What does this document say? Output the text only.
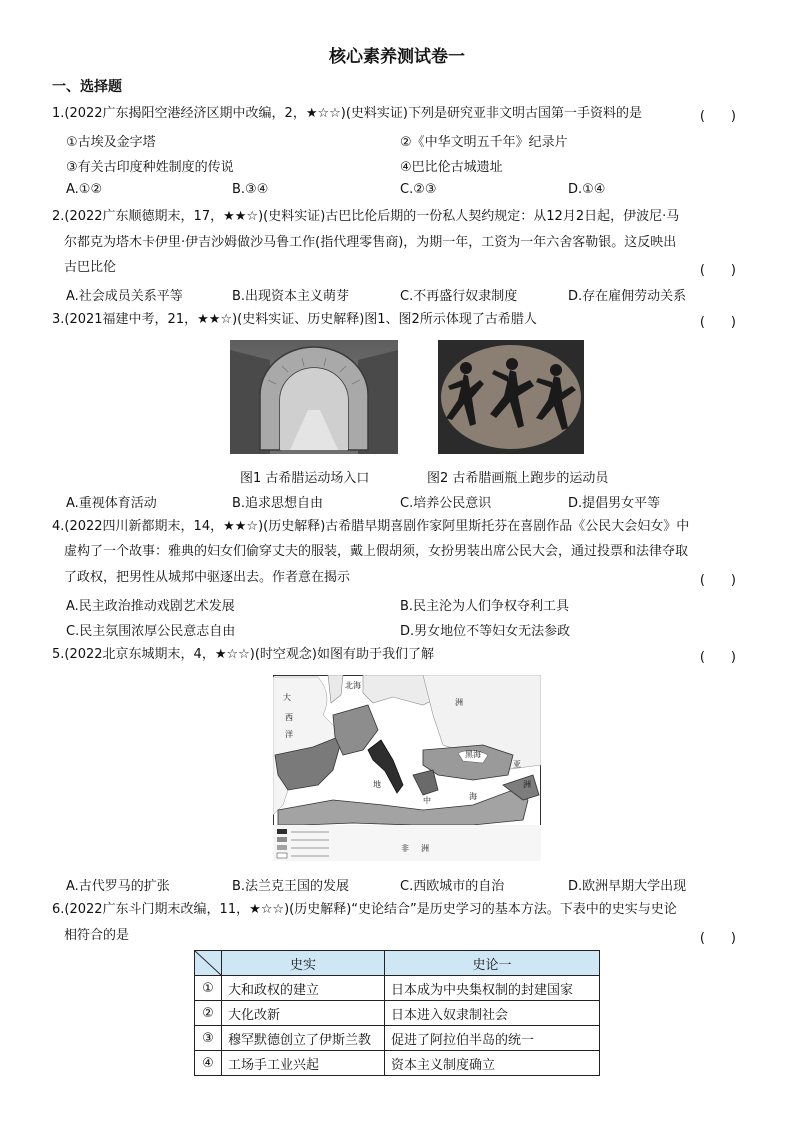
核心素养测试卷一
一、选择题
1.(2022广东揭阳空港经济区期中改编，2，★☆☆)(史料实证)下列是研究亚非文明古国第一手资料的是	(　　)
①古埃及金字塔	②《中华文明五千年》纪录片
③有关古印度种姓制度的传说	④巴比伦古城遗址
A.①②	B.③④	C.②③	D.①④
2.(2022广东顺德期末，17，★★☆)(史料实证)古巴比伦后期的一份私人契约规定：从12月2日起，伊波尼·马
尔都克为塔木卡伊里·伊吉沙姆做沙马鲁工作(指代理零售商)，为期一年，工资为一年六舍客勒银。这反映出
古巴比伦	(　　)
A.社会成员关系平等	B.出现资本主义萌芽	C.不再盛行奴隶制度	D.存在雇佣劳动关系
3.(2021福建中考，21，★★☆)(史料实证、历史解释)图1、图2所示体现了古希腊人	(　　)
图1 古希腊运动场入口	图2 古希腊画瓶上跑步的运动员
A.重视体育活动	B.追求思想自由	C.培养公民意识	D.提倡男女平等
4.(2022四川新都期末，14，★★☆)(历史解释)古希腊早期喜剧作家阿里斯托芬在喜剧作品《公民大会妇女》中
虚构了一个故事：雅典的妇女们偷穿丈夫的服装，戴上假胡须，女扮男装出席公民大会，通过投票和法律夺取
了政权，把男性从城邦中驱逐出去。作者意在揭示	(　　)
A.民主政治推动戏剧艺术发展	B.民主沦为人们争权夺利工具
C.民主氛围浓厚公民意志自由	D.男女地位不等妇女无法参政
5.(2022北京东城期末，4，★☆☆)(时空观念)如图有助于我们了解	(　　)
大
西
洋
北海
洲
黑海
亚
洲
地
中	海
非 洲
A.古代罗马的扩张	B.法兰克王国的发展	C.西欧城市的自治	D.欧洲早期大学出现
6.(2022广东斗门期末改编，11，★☆☆)(历史解释)“史论结合”是历史学习的基本方法。下表中的史实与史论
相符合的是	(　　)
	史实	史论一
①	大和政权的建立	日本成为中央集权制的封建国家
②	大化改新	日本进入奴隶制社会
③	穆罕默德创立了伊斯兰教	促进了阿拉伯半岛的统一
④	工场手工业兴起	资本主义制度确立
